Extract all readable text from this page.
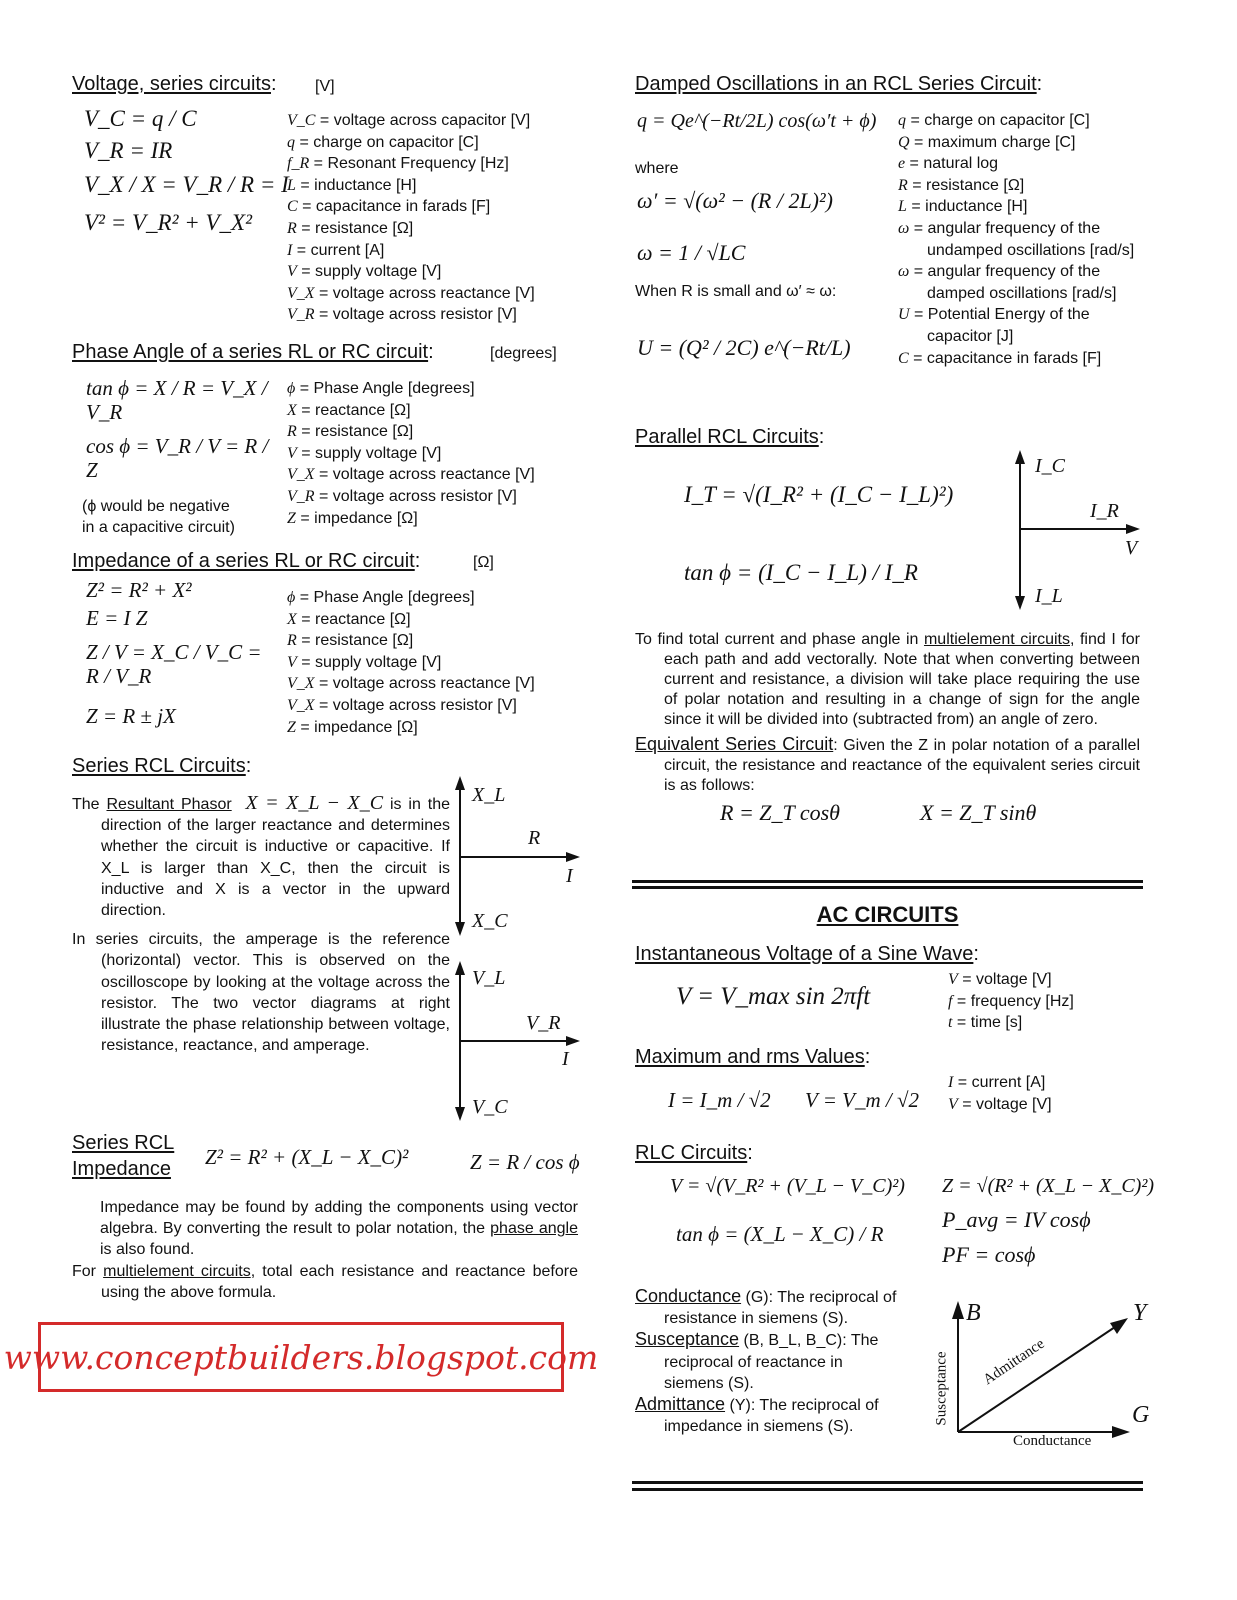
Voltage, series circuits: [V]
V_C = q / C
V_R = IR
V_X / X = V_R / R = I
V² = V_R² + V_X²
V_C = voltage across capacitor [V]
q = charge on capacitor [C]
f_R = Resonant Frequency [Hz]
L = inductance [H]
C = capacitance in farads [F]
R = resistance [Ω]
I = current [A]
V = supply voltage [V]
V_X = voltage across reactance [V]
V_R = voltage across resistor [V]
Phase Angle of a series RL or RC circuit:	[degrees]
tan ϕ = X / R = V_X / V_R
cos ϕ = V_R / V = R / Z
(ϕ would be negative
in a capacitive circuit)
ϕ = Phase Angle [degrees]
X = reactance [Ω]
R = resistance [Ω]
V = supply voltage [V]
V_X = voltage across reactance [V]
V_R = voltage across resistor [V]
Z = impedance [Ω]
Impedance of a series RL or RC circuit:	[Ω]
Z² = R² + X²
E = I Z
Z / V = X_C / V_C = R / V_R
Z = R ± jX
ϕ = Phase Angle [degrees]
X = reactance [Ω]
R = resistance [Ω]
V = supply voltage [V]
V_X = voltage across reactance [V]
V_X = voltage across resistor [V]
Z = impedance [Ω]
Series RCL Circuits:
The Resultant Phasor X = X_L − X_C is in the direction of the larger reactance and determines whether the circuit is inductive or capacitive. If X_L is larger than X_C, then the circuit is inductive and X is a vector in the upward direction.
In series circuits, the amperage is the reference (horizontal) vector. This is observed on the oscilloscope by looking at the voltage across the resistor. The two vector diagrams at right illustrate the phase relationship between voltage, resistance, reactance, and amperage.
X_L
R
I
X_C
V_L
V_R
I
V_C
Series RCL
Impedance Z² = R² + (X_L − X_C)²	Z = R / cos ϕ
Impedance may be found by adding the components using vector algebra. By converting the result to polar notation, the phase angle is also found.
For multielement circuits, total each resistance and reactance before using the above formula.
www.conceptbuilders.blogspot.com
Damped Oscillations in an RCL Series Circuit:
q = Qe^(−Rt/2L) cos(ω′t + ϕ)
where
ω′ = √(ω² − (R / 2L)²)
ω = 1 / √LC
When R is small and ω′ ≈ ω:
U = (Q² / 2C) e^(−Rt/L)
q = charge on capacitor [C]
Q = maximum charge [C]
e = natural log
R = resistance [Ω]
L = inductance [H]
ω = angular frequency of the undamped oscillations [rad/s]
ω = angular frequency of the damped oscillations [rad/s]
U = Potential Energy of the capacitor [J]
C = capacitance in farads [F]
Parallel RCL Circuits:
I_T = √(I_R² + (I_C − I_L)²)
tan ϕ = (I_C − I_L) / I_R
I_C
I_R
V
I_L
To find total current and phase angle in multielement circuits, find I for each path and add vectorally. Note that when converting between current and resistance, a division will take place requiring the use of polar notation and resulting in a change of sign for the angle since it will be divided into (subtracted from) an angle of zero.
Equivalent Series Circuit: Given the Z in polar notation of a parallel circuit, the resistance and reactance of the equivalent series circuit is as follows:
R = Z_T cosθ	X = Z_T sinθ
AC CIRCUITS
Instantaneous Voltage of a Sine Wave:
V = V_max sin 2πft
V = voltage [V]
f = frequency [Hz]
t = time [s]
Maximum and rms Values:
I = I_m / √2 V = V_m / √2
I = current [A]
V = voltage [V]
RLC Circuits:
V = √(V_R² + (V_L − V_C)²)
tan ϕ = (X_L − X_C) / R
Z = √(R² + (X_L − X_C)²)
P_avg = IV cosϕ
PF = cosϕ
Conductance (G): The reciprocal of resistance in siemens (S).
Susceptance (B, B_L, B_C): The reciprocal of reactance in siemens (S).
Admittance (Y): The reciprocal of impedance in siemens (S).
B	Y
G
Susceptance
Conductance
Admittance
